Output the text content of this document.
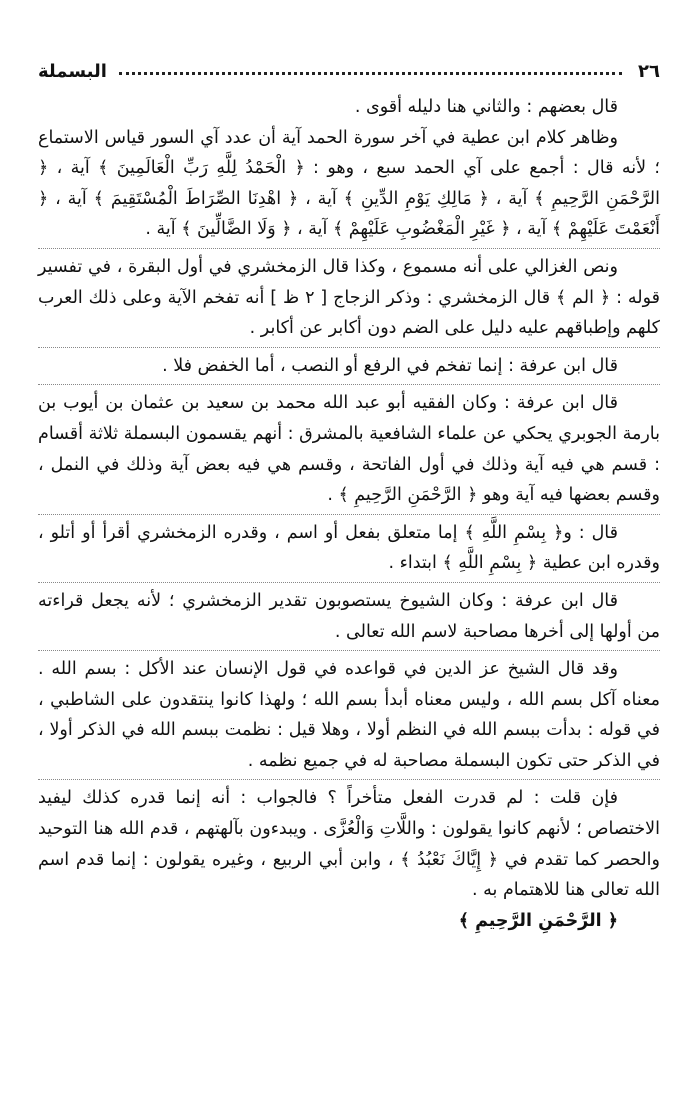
٢٦
البسملة

قال بعضهم : والثاني هنا دليله أقوى .

وظاهر كلام ابن عطية في آخر سورة الحمد آية أن عدد آي السور قياس الاستماع ؛ لأنه قال : أجمع على آي الحمد سبع ، وهو : ﴿ الْحَمْدُ لِلَّهِ رَبِّ الْعَالَمِينَ ﴾ آية ، ﴿ الرَّحْمَنِ الرَّحِيمِ ﴾ آية ، ﴿ مَالِكِ يَوْمِ الدِّينِ ﴾ آية ، ﴿ اهْدِنَا الصِّرَاطَ الْمُسْتَقِيمَ ﴾ آية ، ﴿ أَنْعَمْتَ عَلَيْهِمْ ﴾ آية ، ﴿ غَيْرِ الْمَغْضُوبِ عَلَيْهِمْ ﴾ آية ، ﴿ وَلَا الضَّالِّينَ ﴾ آية .

ونص الغزالي على أنه مسموع ، وكذا قال الزمخشري في أول البقرة ، في تفسير قوله : ﴿ الم ﴾ قال الزمخشري : وذكر الزجاج [ ٢ ظ ] أنه تفخم الآية وعلى ذلك العرب كلهم وإطباقهم عليه دليل على الضم دون أكابر عن أكابر .

قال ابن عرفة : إنما تفخم في الرفع أو النصب ، أما الخفض فلا .

قال ابن عرفة : وكان الفقيه أبو عبد الله محمد بن سعيد بن عثمان بن أيوب بن بارمة الجوبري يحكي عن علماء الشافعية بالمشرق : أنهم يقسمون البسملة ثلاثة أقسام : قسم هي فيه آية وذلك في أول الفاتحة ، وقسم هي فيه بعض آية وذلك في النمل ، وقسم بعضها فيه آية وهو ﴿ الرَّحْمَنِ الرَّحِيمِ ﴾ .

قال : و﴿ بِسْمِ اللَّهِ ﴾ إما متعلق بفعل أو اسم ، وقدره الزمخشري أقرأ أو أتلو ، وقدره ابن عطية ﴿ بِسْمِ اللَّهِ ﴾ ابتداء .

قال ابن عرفة : وكان الشيوخ يستصوبون تقدير الزمخشري ؛ لأنه يجعل قراءته من أولها إلى أخرها مصاحبة لاسم الله تعالى .

وقد قال الشيخ عز الدين في قواعده في قول الإنسان عند الأكل : بسم الله . معناه آكل بسم الله ، وليس معناه أبدأ بسم الله ؛ ولهذا كانوا ينتقدون على الشاطبي ، في قوله : بدأت ببسم الله في النظم أولا ، وهلا قيل : نظمت ببسم الله في الذكر أولا ، في الذكر حتى تكون البسملة مصاحبة له في جميع نظمه .

فإن قلت : لم قدرت الفعل متأخراً ؟ فالجواب : أنه إنما قدره كذلك ليفيد الاختصاص ؛ لأنهم كانوا يقولون : واللَّاتِ وَالْعُزَّى . ويبدءون بآلهتهم ، قدم الله هنا التوحيد والحصر كما تقدم في ﴿ إِيَّاكَ نَعْبُدُ ﴾ ، وابن أبي الربيع ، وغيره يقولون : إنما قدم اسم الله تعالى هنا للاهتمام به .

﴿ الرَّحْمَنِ الرَّحِيمِ ﴾
